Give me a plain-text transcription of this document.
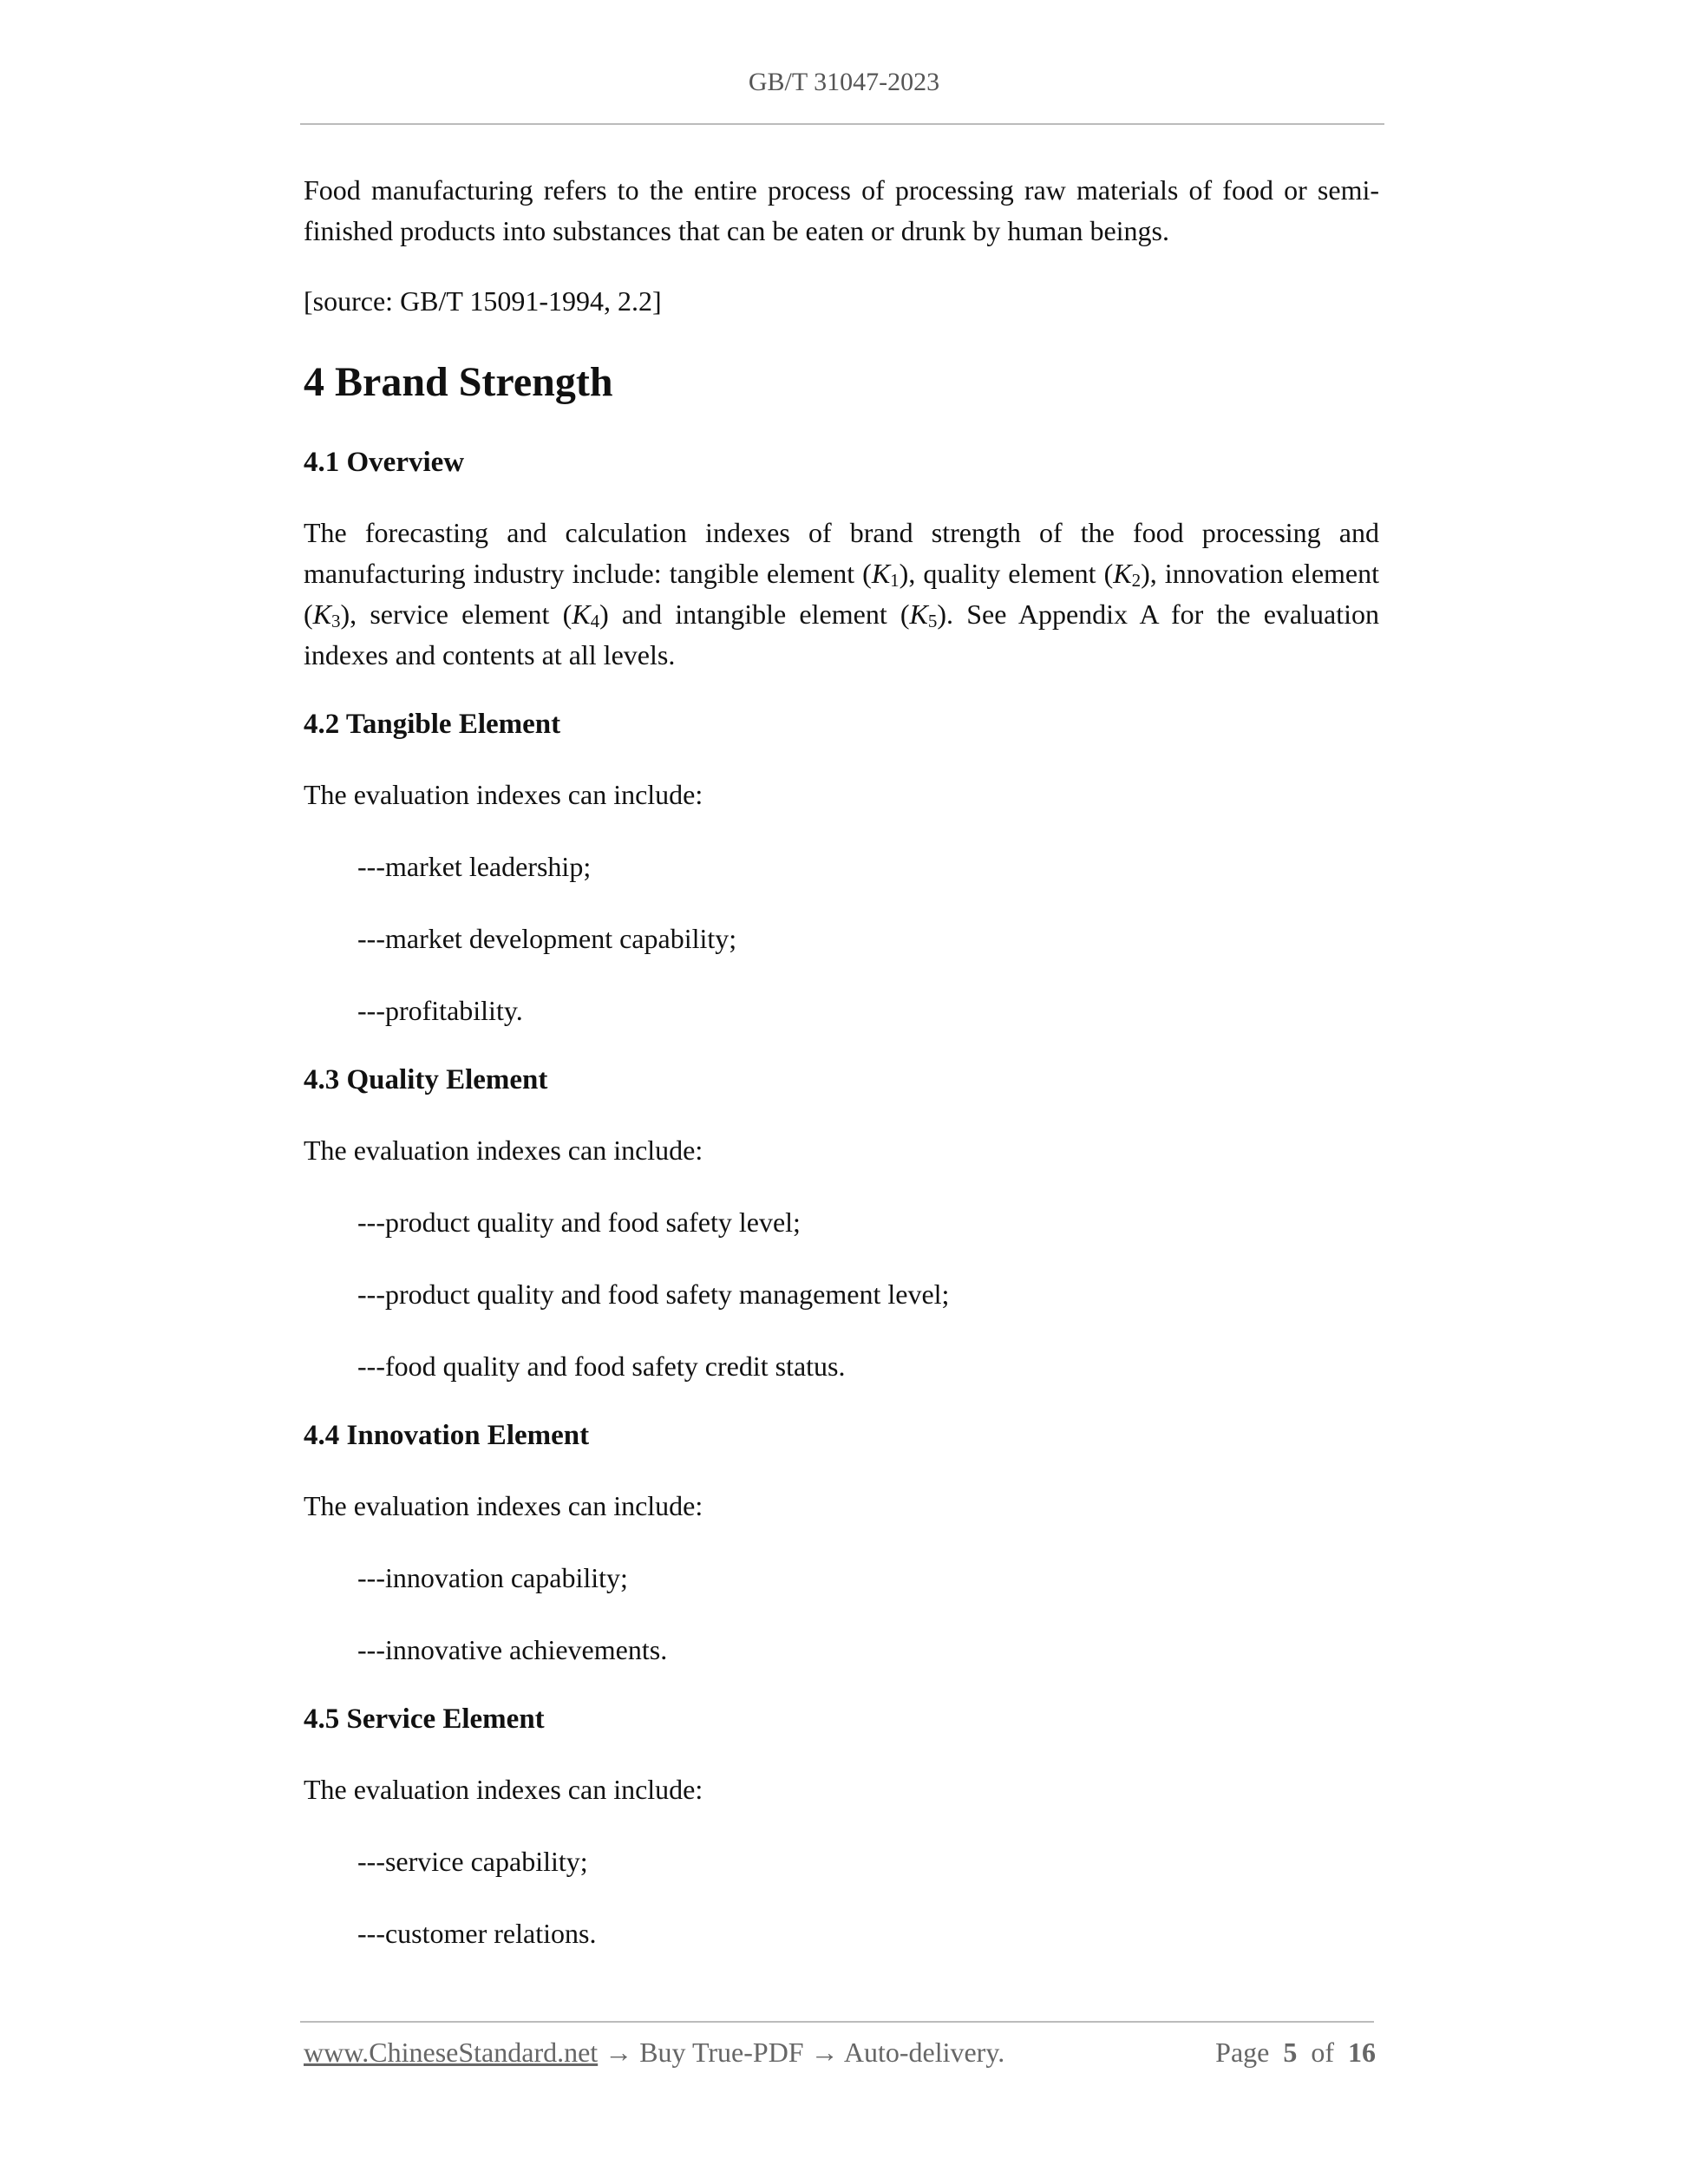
GB/T 31047-2023

Food manufacturing refers to the entire process of processing raw materials of food or semi-finished products into substances that can be eaten or drunk by human beings.

[source: GB/T 15091-1994, 2.2]

4 Brand Strength
4.1 Overview

The forecasting and calculation indexes of brand strength of the food processing and manufacturing industry include: tangible element (K1), quality element (K2), innovation element (K3), service element (K4) and intangible element (K5). See Appendix A for the evaluation indexes and contents at all levels.

4.2 Tangible Element

The evaluation indexes can include:

---market leadership;

---market development capability;

---profitability.

4.3 Quality Element

The evaluation indexes can include:

---product quality and food safety level;

---product quality and food safety management level;

---food quality and food safety credit status.

4.4 Innovation Element

The evaluation indexes can include:

---innovation capability;

---innovative achievements.

4.5 Service Element

The evaluation indexes can include:

---service capability;

---customer relations.

www.ChineseStandard.net → Buy True-PDF → Auto-delivery.	Page 5 of 16
